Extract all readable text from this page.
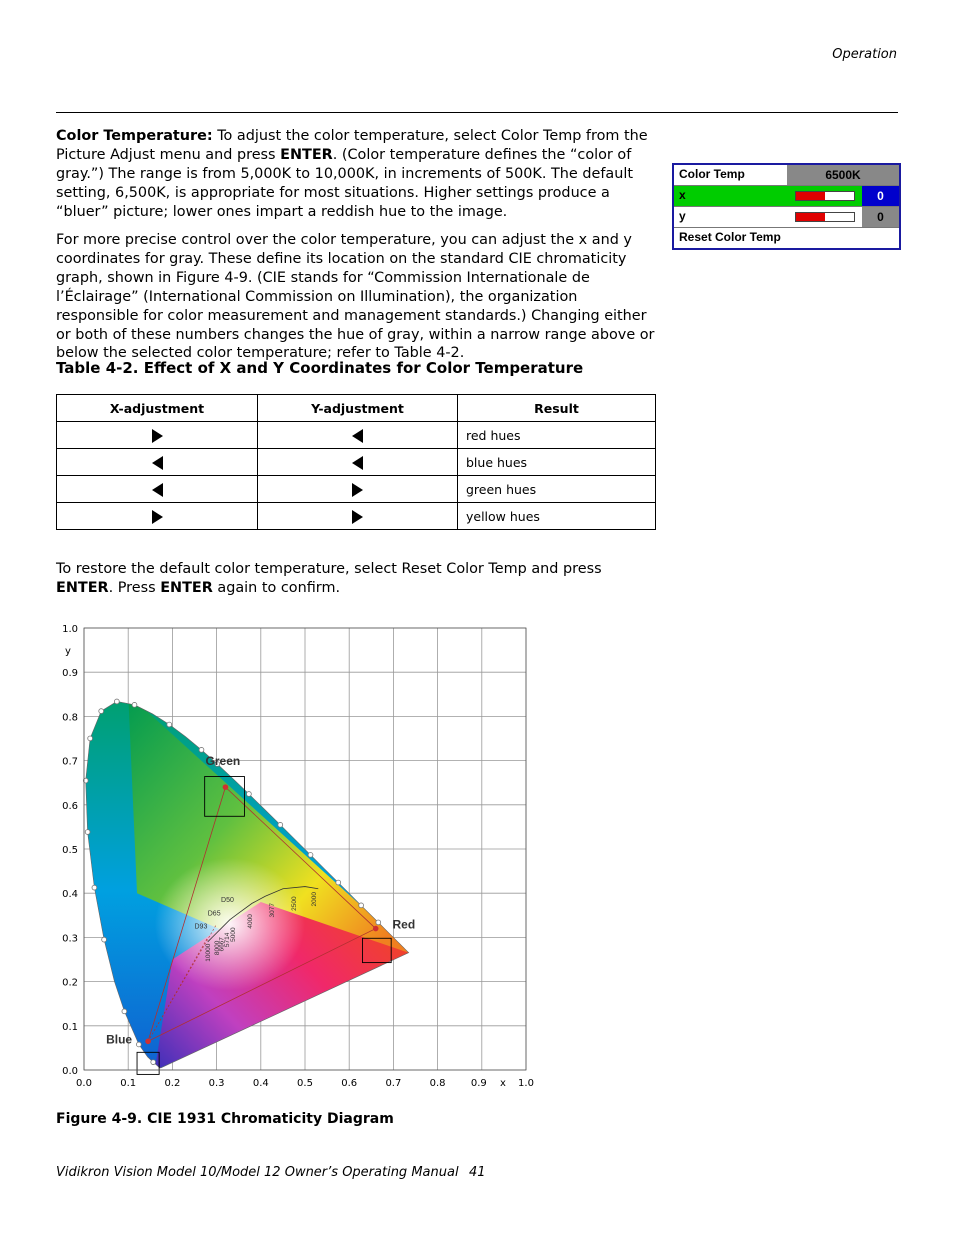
Operation
Color Temperature: To adjust the color temperature, select Color Temp from the Picture Adjust menu and press ENTER. (Color temperature defines the “color of gray.”) The range is from 5,000K to 10,000K, in increments of 500K. The default setting, 6,500K, is appropriate for most situations. Higher settings produce a “bluer” picture; lower ones impart a reddish hue to the image.
For more precise control over the color temperature, you can adjust the x and y coordinates for gray. These define its location on the standard CIE chromaticity graph, shown in Figure 4-9. (CIE stands for “Commission Internationale de l’Éclairage” (International Commission on Illumination), the organization responsible for color measurement and management standards.) Changing either or both of these numbers changes the hue of gray, within a narrow range above or below the selected color temperature; refer to Table 4-2.
Color Temp	6500K
x	0
y	0
Reset Color Temp
Table 4-2. Effect of X and Y Coordinates for Color Temperature
X-adjustment	Y-adjustment	Result
		red hues
		blue hues
		green hues
		yellow hues
To restore the default color temperature, select Reset Color Temp and press ENTER. Press ENTER again to confirm.
Green
Red
Blue
10000 8000
6667
5714 5000
4000
3077 2500 2000
D50
D65
D93
0.0	0.1	0.2	0.3	0.4	0.5	0.6	0.7	0.8	0.9 x 1.0
0.0
0.1
0.2
0.3
0.4
0.5
0.6
0.7
0.8
0.9
1.0
y
Figure 4-9. CIE 1931 Chromaticity Diagram
Vidikron Vision Model 10/Model 12 Owner’s Operating Manual 41
